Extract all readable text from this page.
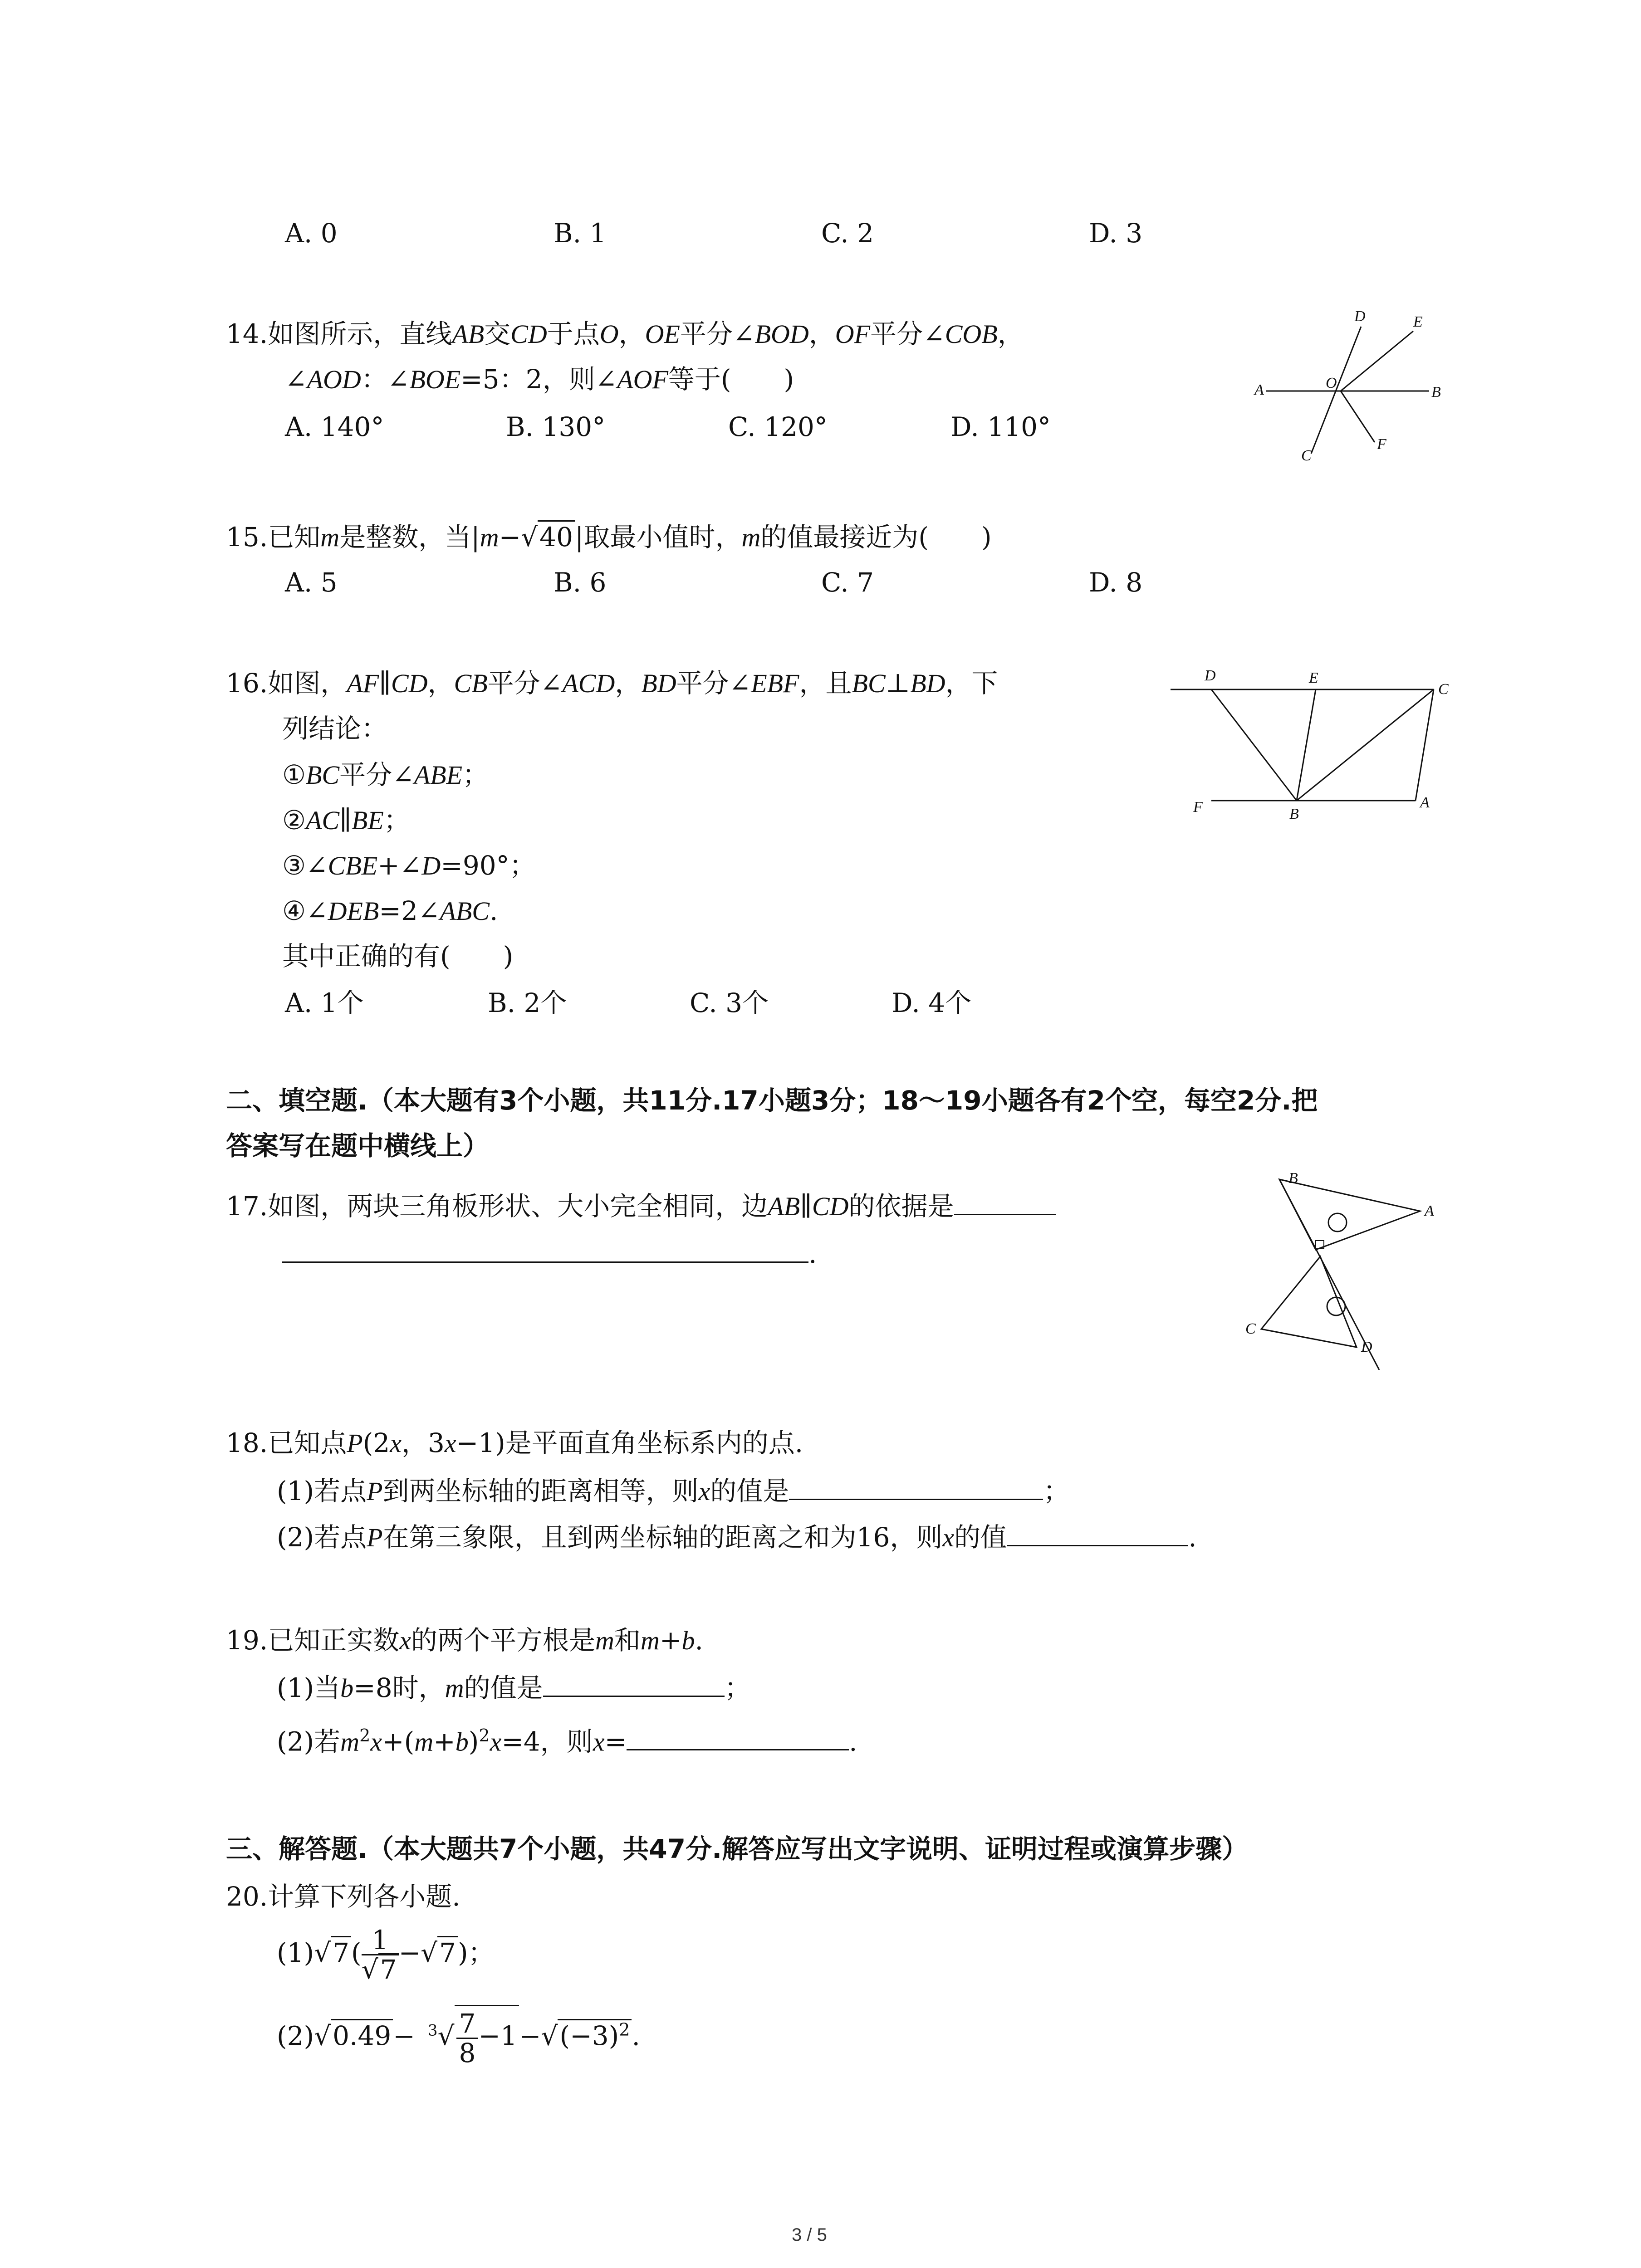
A. 0	B. 1	C. 2	D. 3
14.如图所示，直线AB交CD于点O，OE平分∠BOD，OF平分∠COB，
∠AOD：∠BOE=5：2，则∠AOF等于(　　)
A. 140°	B. 130°	C. 120°	D. 110°
A	B
D	E
O
C
F
15.已知m是整数，当|m−√40|取最小值时，m的值最接近为(　　)
A. 5	B. 6	C. 7	D. 8
16.如图，AF∥CD，CB平分∠ACD，BD平分∠EBF，且BC⊥BD，下
列结论：
①BC平分∠ABE；
②AC∥BE；
③∠CBE+∠D=90°；
④∠DEB=2∠ABC.
其中正确的有(　　)
A. 1个	B. 2个	C. 3个	D. 4个
D	E
C
F	B
A
二、填空题.（本大题有3个小题，共11分.17小题3分；18～19小题各有2个空，每空2分.把
答案写在题中横线上）
17.如图，两块三角板形状、大小完全相同，边AB∥CD的依据是
.
B
A
C
D
18.已知点P(2x，3x−1)是平面直角坐标系内的点.
(1)若点P到两坐标轴的距离相等，则x的值是	；
(2)若点P在第三象限，且到两坐标轴的距离之和为16，则x的值	.
19.已知正实数x的两个平方根是m和m+b.
(1)当b=8时，m的值是	；
(2)若$m^2x+(m+b)^2x=4$，则x=	.
三、解答题.（本大题共7个小题，共47分.解答应写出文字说明、证明过程或演算步骤）
20.计算下列各小题.
$(1)√7( \frac{1}{√7} -√7)$；
$(2)√0.49- ^3√ \frac{7}{8} -1-√(-3)^2$.
3 / 5
